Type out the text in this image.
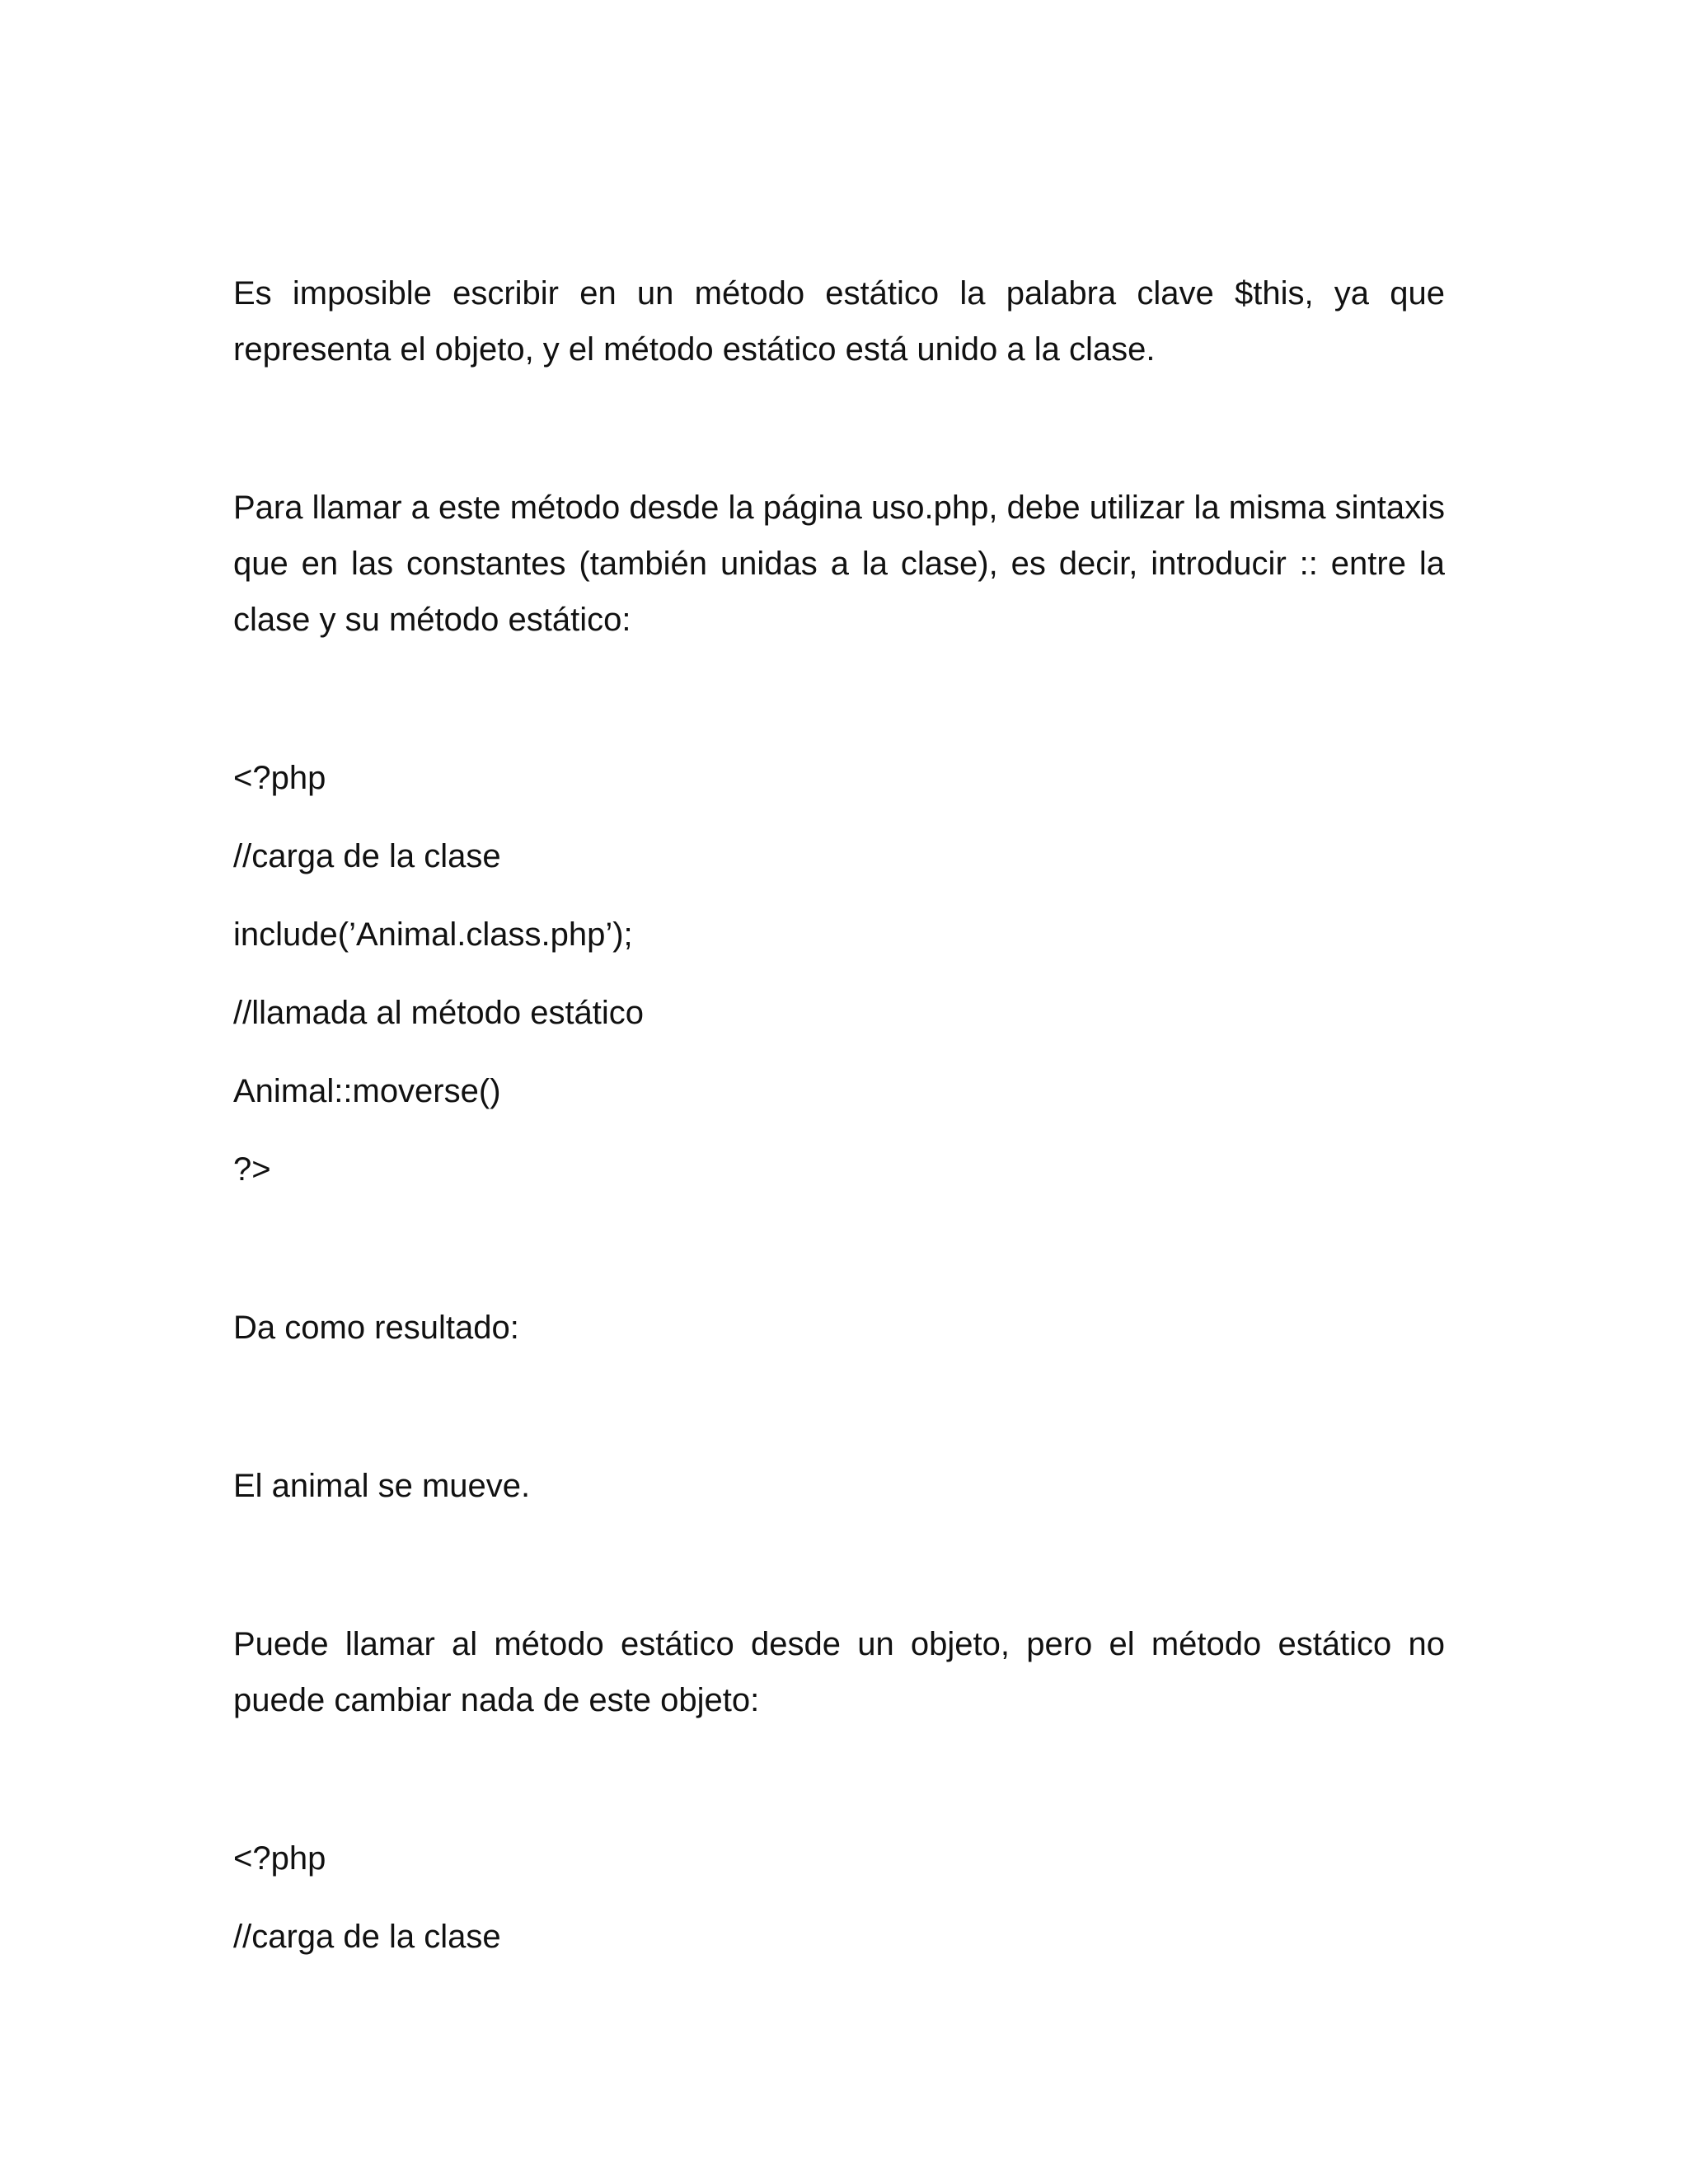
Es imposible escribir en un método estático la palabra clave $this, ya que representa el objeto, y el método estático está unido a la clase.

Para llamar a este método desde la página uso.php, debe utilizar la misma sintaxis que en las constantes (también unidas a la clase), es decir, introducir :: entre la clase y su método estático:

<?php

//carga de la clase

include(’Animal.class.php’);

//llamada al método estático

Animal::moverse()

?>

Da como resultado:

El animal se mueve.

Puede llamar al método estático desde un objeto, pero el método estático no puede cambiar nada de este objeto:

<?php

//carga de la clase
